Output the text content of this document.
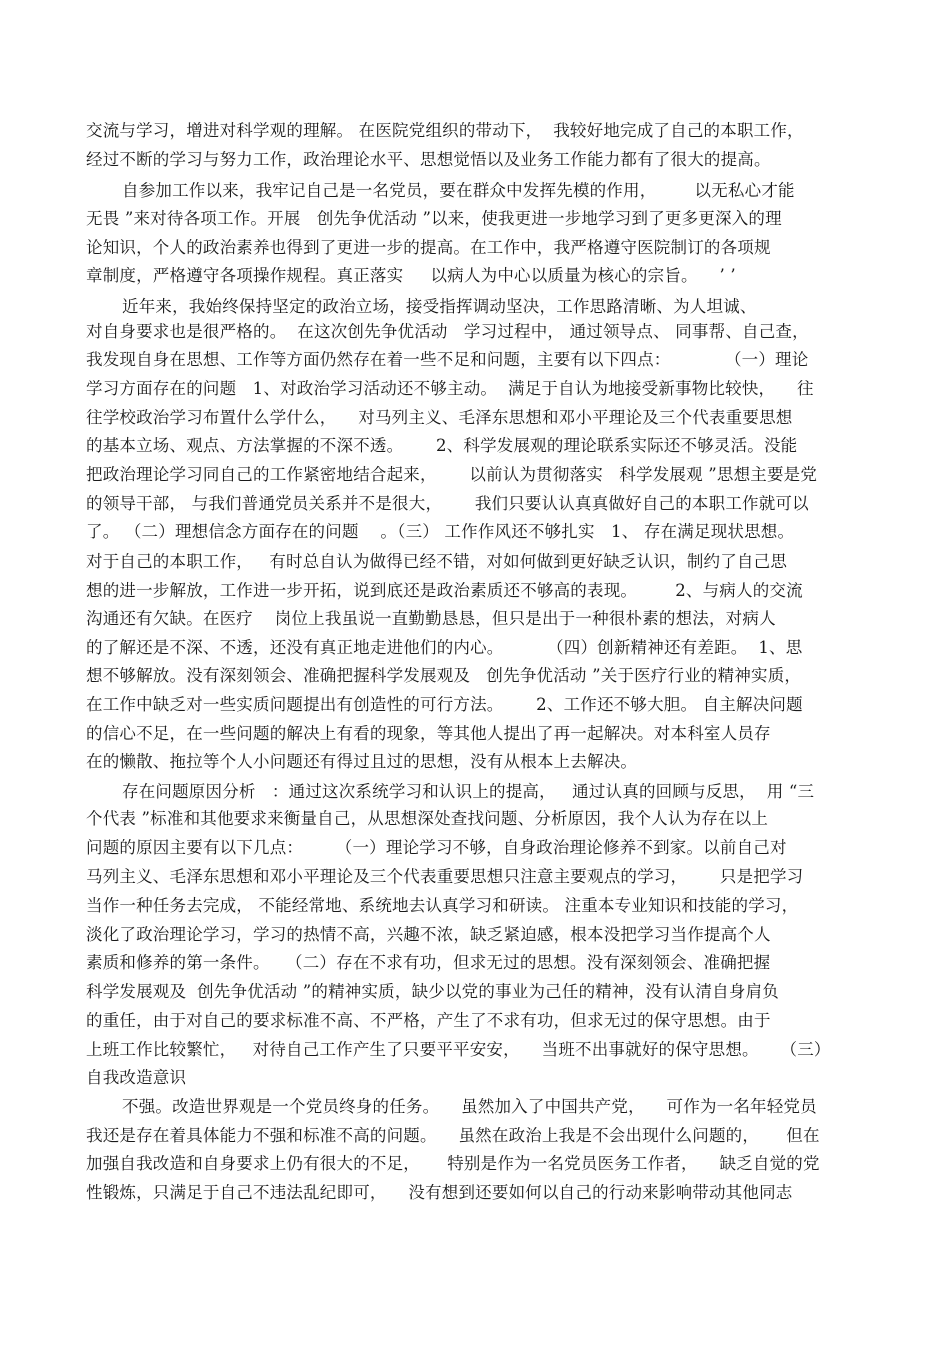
交流与学习，增进对科学观的理解。 在医院党组织的带动下，  我较好地完成了自己的本职工作，
经过不断的学习与努力工作，政治理论水平、思想觉悟以及业务工作能力都有了很大的提高。
自参加工作以来，我牢记自己是一名党员，要在群众中发挥先模的作用，       以无私心才能
无畏 ”来对待各项工作。开展   创先争优活动 ”以来，使我更进一步地学习到了更多更深入的理
论知识，个人的政治素养也得到了更进一步的提高。在工作中，我严格遵守医院制订的各项规
章制度，严格遵守各项操作规程。真正落实     以病人为中心以质量为核心的宗旨。    ’ ’
近年来，我始终保持坚定的政治立场，接受指挥调动坚决，工作思路清晰、为人坦诚、
对自身要求也是很严格的。  在这次创先争优活动   学习过程中， 通过领导点、 同事帮、自己查，
我发现自身在思想、工作等方面仍然存在着一些不足和问题，主要有以下四点：          （一）理论
学习方面存在的问题   1、对政治学习活动还不够主动。  满足于自认为地接受新事物比较快，    往
往学校政治学习布置什么学什么，    对马列主义、毛泽东思想和邓小平理论及三个代表重要思想
的基本立场、观点、方法掌握的不深不透。      2、科学发展观的理论联系实际还不够灵活。没能
把政治理论学习同自己的工作紧密地结合起来，      以前认为贯彻落实   科学发展观 ”思想主要是党
的领导干部， 与我们普通党员关系并不是很大，      我们只要认认真真做好自己的本职工作就可以
了。 （二）理想信念方面存在的问题    。（三） 工作作风还不够扎实   1、 存在满足现状思想。
对于自己的本职工作，   有时总自认为做得已经不错，对如何做到更好缺乏认识，制约了自己思
想的进一步解放，工作进一步开拓，说到底还是政治素质还不够高的表现。       2、与病人的交流
沟通还有欠缺。在医疗    岗位上我虽说一直勤勤恳恳，但只是出于一种很朴素的想法，对病人
的了解还是不深、不透，还没有真正地走进他们的内心。        （四）创新精神还有差距。  1、思
想不够解放。没有深刻领会、准确把握科学发展观及   创先争优活动 ”关于医疗行业的精神实质，
在工作中缺乏对一些实质问题提出有创造性的可行方法。      2、工作还不够大胆。 自主解决问题
的信心不足，在一些问题的解决上有看的现象，等其他人提出了再一起解决。对本科室人员存
在的懒散、拖拉等个人小问题还有得过且过的思想，没有从根本上去解决。
存在问题原因分析   ：通过这次系统学习和认识上的提高，   通过认真的回顾与反思，  用 “三
个代表 ”标准和其他要求来衡量自己，从思想深处查找问题、分析原因，我个人认为存在以上
问题的原因主要有以下几点：      （一）理论学习不够，自身政治理论修养不到家。以前自己对
马列主义、毛泽东思想和邓小平理论及三个代表重要思想只注意主要观点的学习，      只是把学习
当作一种任务去完成， 不能经常地、系统地去认真学习和研读。 注重本专业知识和技能的学习，
淡化了政治理论学习，学习的热情不高，兴趣不浓，缺乏紧迫感，根本没把学习当作提高个人
素质和修养的第一条件。   （二）存在不求有功，但求无过的思想。没有深刻领会、准确把握
科学发展观及  创先争优活动 ”的精神实质，缺少以党的事业为己任的精神，没有认清自身肩负
的重任，由于对自己的要求标准不高、不严格，产生了不求有功，但求无过的保守思想。由于
上班工作比较繁忙，   对待自己工作产生了只要平平安安，    当班不出事就好的保守思想。    （三）
自我改造意识
不强。改造世界观是一个党员终身的任务。    虽然加入了中国共产党，    可作为一名年轻党员
我还是存在着具体能力不强和标准不高的问题。    虽然在政治上我是不会出现什么问题的，     但在
加强自我改造和自身要求上仍有很大的不足，     特别是作为一名党员医务工作者，    缺乏自觉的党
性锻炼，只满足于自己不违法乱纪即可，    没有想到还要如何以自己的行动来影响带动其他同志
